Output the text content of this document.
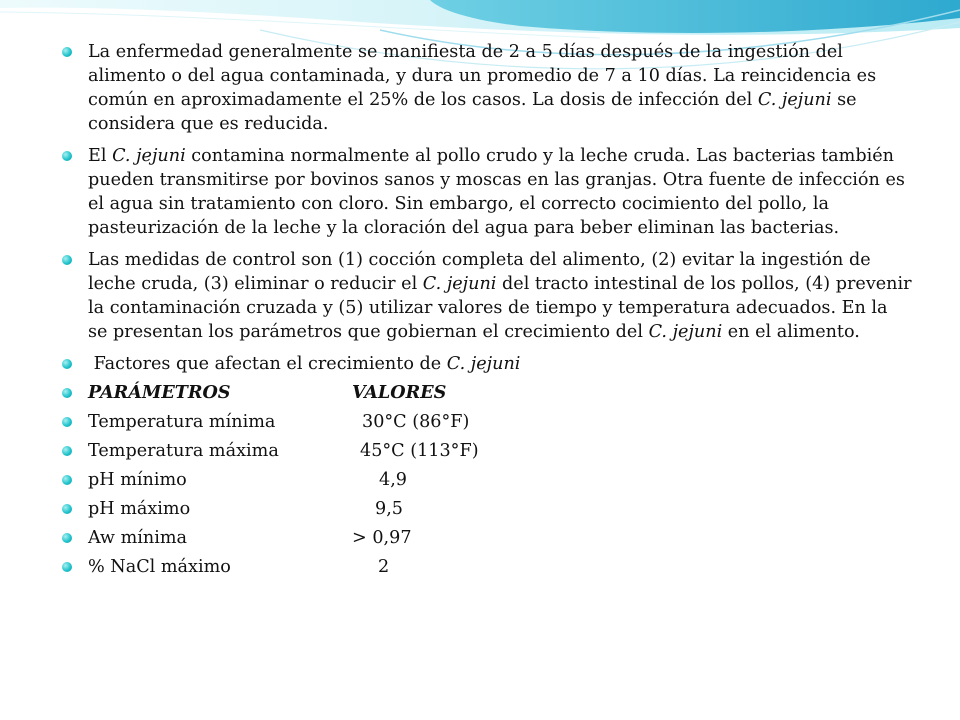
La enfermedad generalmente se manifiesta de 2 a 5 días después de la ingestión del alimento o del agua contaminada, y dura un promedio de 7 a 10 días. La reincidencia es común en aproximadamente el 25% de los casos. La dosis de infección del C. jejuni se considera que es reducida.

El C. jejuni contamina normalmente al pollo crudo y la leche cruda. Las bacterias también pueden transmitirse por bovinos sanos y moscas en las granjas. Otra fuente de infección es el agua sin tratamiento con cloro. Sin embargo, el correcto cocimiento del pollo, la pasteurización de la leche y la cloración del agua para beber eliminan las bacterias.

Las medidas de control son (1) cocción completa del alimento, (2) evitar la ingestión de leche cruda, (3) eliminar o reducir el C. jejuni del tracto intestinal de los pollos, (4) prevenir la contaminación cruzada y (5) utilizar valores de tiempo y temperatura adecuados. En la se presentan los parámetros que gobiernan el crecimiento del C. jejuni en el alimento.

Factores que afectan el crecimiento de C. jejuni
PARÁMETROS	VALORES
Temperatura mínima	30°C (86°F)
Temperatura máxima	45°C (113°F)
pH mínimo	4,9
pH máximo	9,5
Aw mínima	> 0,97
% NaCl máximo	2
